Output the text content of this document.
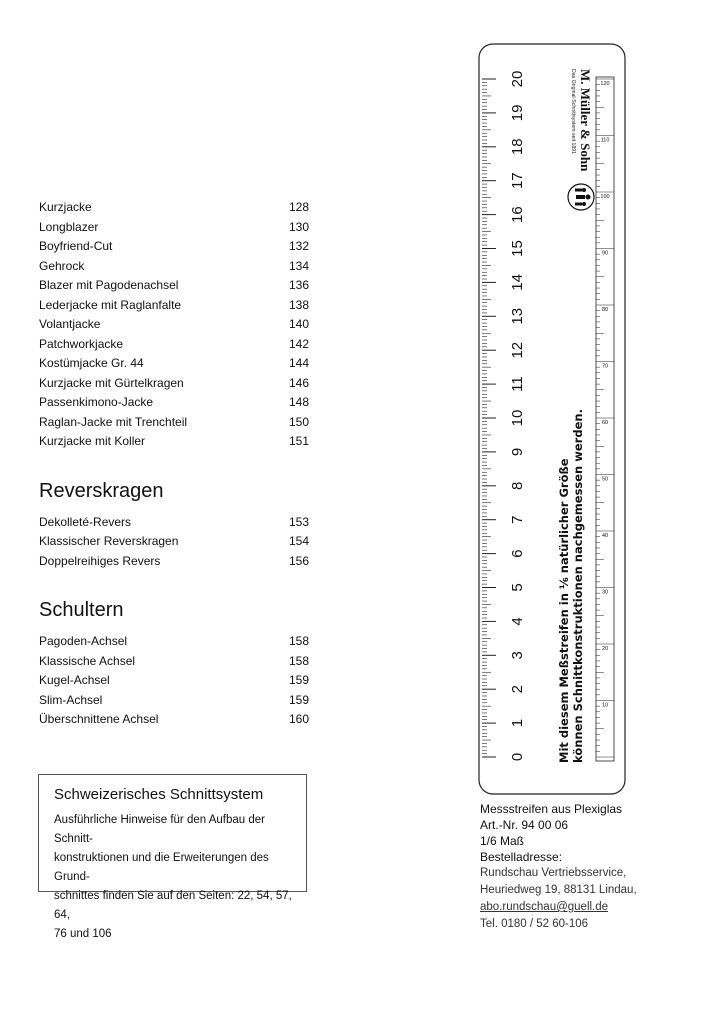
Kurzjacke	128
Longblazer	130
Boyfriend-Cut	132
Gehrock	134
Blazer mit Pagodenachsel	136
Lederjacke mit Raglanfalte	138
Volantjacke	140
Patchworkjacke	142
Kostümjacke Gr. 44	144
Kurzjacke mit Gürtelkragen	146
Passenkimono-Jacke	148
Raglan-Jacke mit Trenchteil	150
Kurzjacke mit Koller	151
Reverskragen
Dekolleté-Revers	153
Klassischer Reverskragen	154
Doppelreihiges Revers	156
Schultern
Pagoden-Achsel	158
Klassische Achsel	158
Kugel-Achsel	159
Slim-Achsel	159
Überschnittene Achsel	160
Schweizerisches Schnittsystem
Ausführliche Hinweise für den Aufbau der Schnitt-
konstruktionen und die Erweiterungen des Grund-
schnittes finden Sie auf den Seiten: 22, 54, 57, 64,
76 und 106
0
1
2
3
4
5
6
7
8
9
10
11
12
13
14
15
16
17
18
19
20
10
20
30
40
50
60
70
80
90
100
110
120
M. Müller & Sohn
Das Original-Schnittsystem seit 1891
Mit diesem Meßstreifen in ⅙ natürlicher Größe können Schnittkonstruktionen nachgemessen werden.
Messstreifen aus Plexiglas
Art.-Nr. 94 00 06
1/6 Maß
Bestelladresse:
Rundschau Vertriebsservice,
Heuriedweg 19, 88131 Lindau,
abo.rundschau@guell.de
Tel. 0180 / 52 60-106
